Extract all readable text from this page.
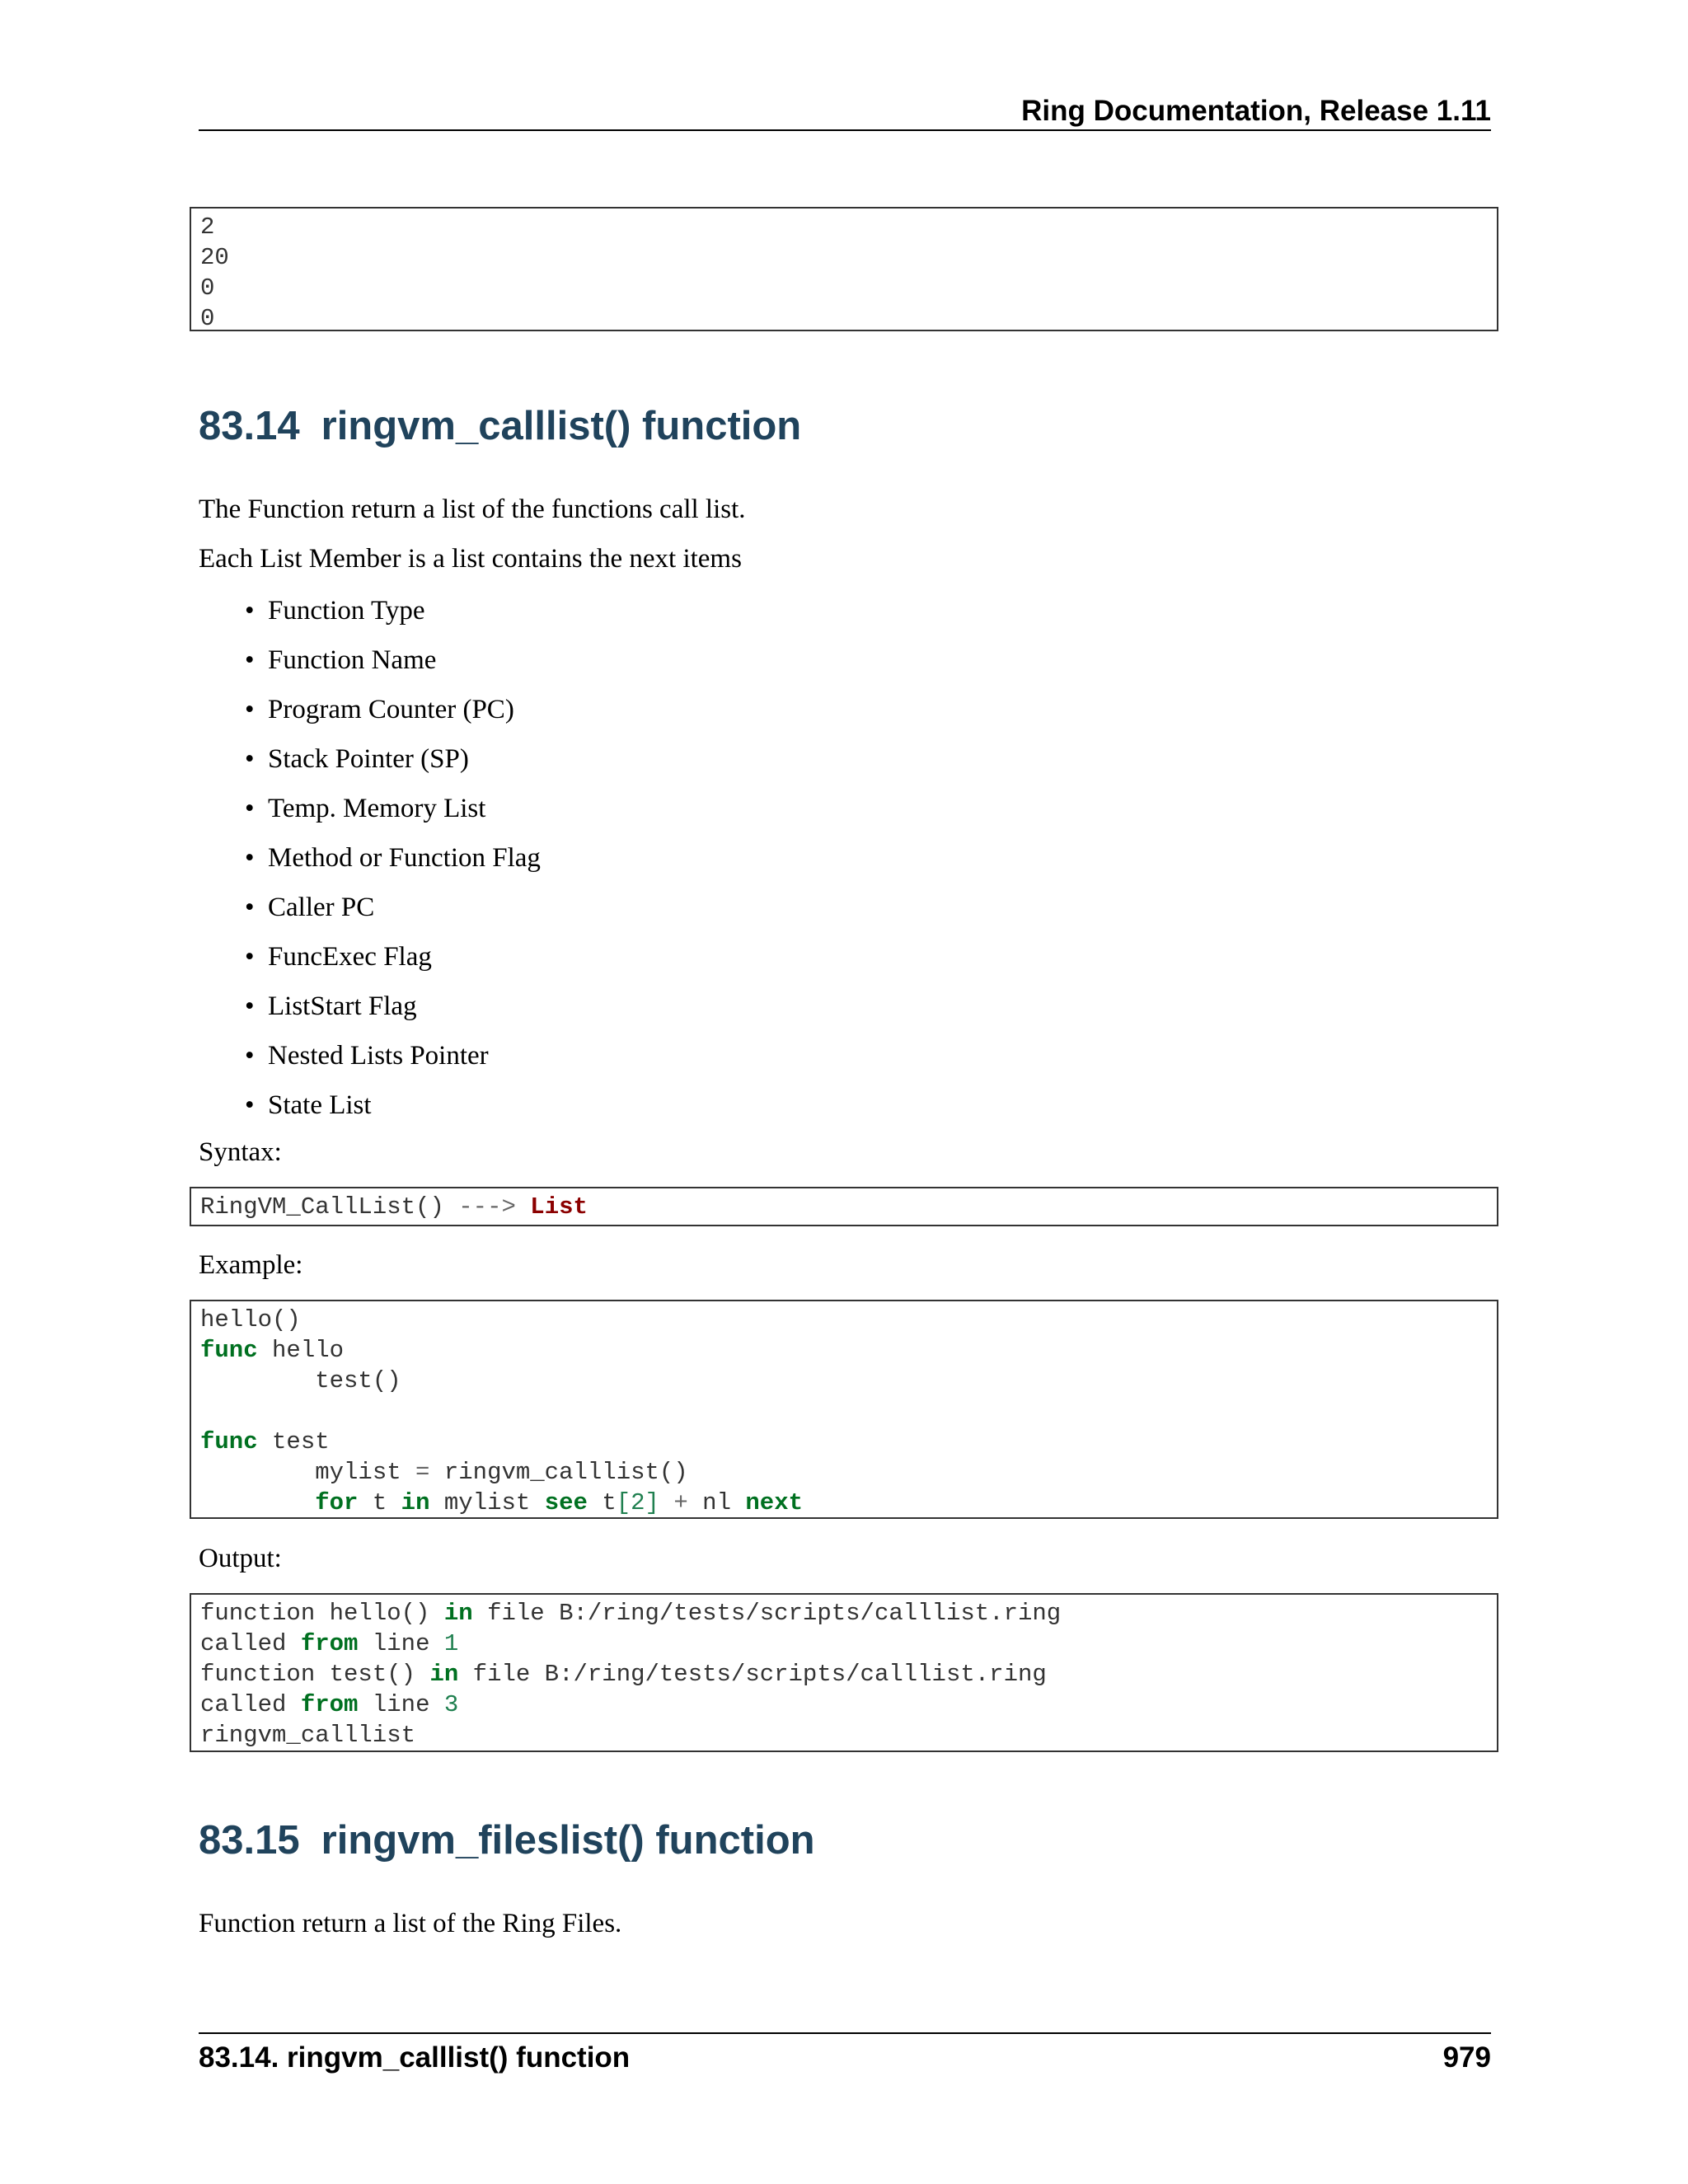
Ring Documentation, Release 1.11
2
20
0
0
83.14 ringvm_calllist() function
The Function return a list of the functions call list.
Each List Member is a list contains the next items
• Function Type
• Function Name
• Program Counter (PC)
• Stack Pointer (SP)
• Temp. Memory List
• Method or Function Flag
• Caller PC
• FuncExec Flag
• ListStart Flag
• Nested Lists Pointer
• State List
Syntax:
RingVM_CallList() ---> List
Example:
hello()
func hello
test()
func test
mylist = ringvm_calllist()
for t in mylist see t[2] + nl next
Output:
function hello() in file B:/ring/tests/scripts/calllist.ring
called from line 1
function test() in file B:/ring/tests/scripts/calllist.ring
called from line 3
ringvm_calllist
83.15 ringvm_fileslist() function
Function return a list of the Ring Files.
83.14. ringvm_calllist() function	979
